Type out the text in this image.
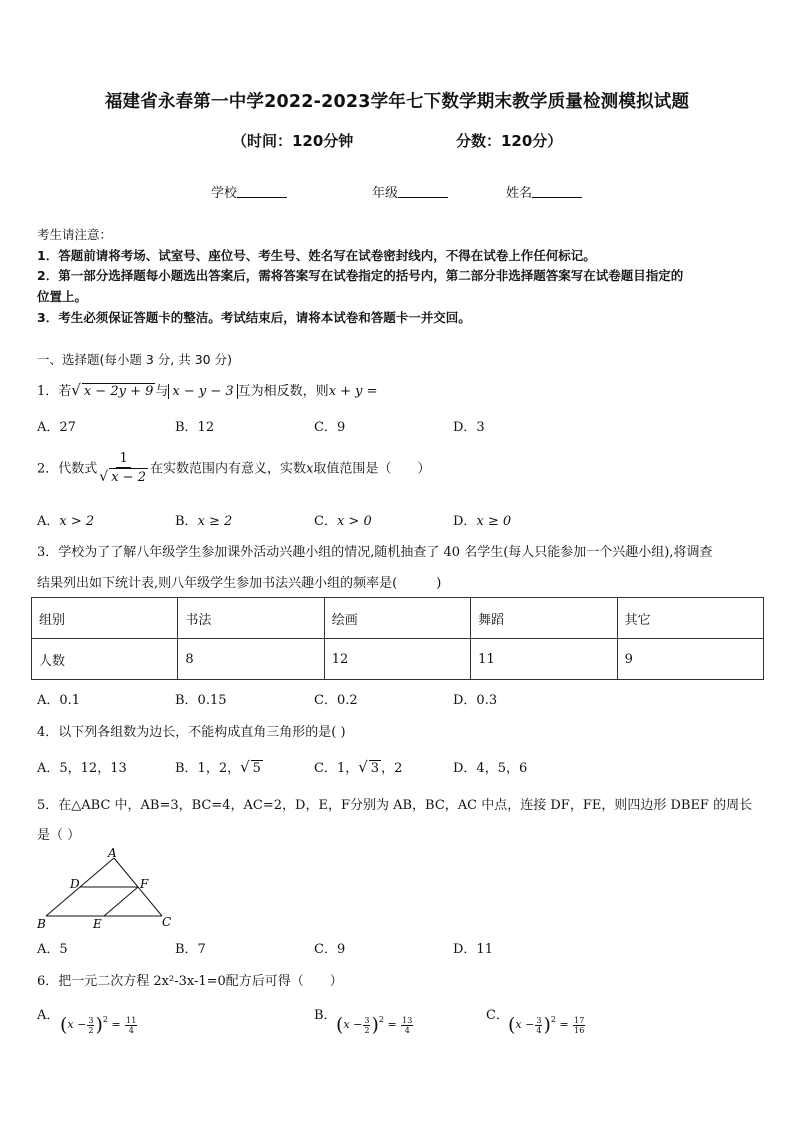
福建省永春第一中学2022-2023学年七下数学期末教学质量检测模拟试题
（时间：120分钟	分数：120分）
学校	年级	姓名
考生请注意：
1．答题前请将考场、试室号、座位号、考生号、姓名写在试卷密封线内，不得在试卷上作任何标记。
2．第一部分选择题每小题选出答案后，需将答案写在试卷指定的括号内，第二部分非选择题答案写在试卷题目指定的
位置上。
3．考生必须保证答题卡的整洁。考试结束后，请将本试卷和答题卡一并交回。
一、选择题(每小题 3 分, 共 30 分)
1．若√ x − 2y + 9 与 x − y − 3 互为相反数，则x + y =
A．27	B．12	C．9	D．3
2．代数式 $\frac{1}{√ x - 2}$ 在实数范围内有意义，实数x取值范围是（　　）
A．x > 2	B．x ≥ 2	C．x > 0	D．x ≥ 0
3．学校为了了解八年级学生参加课外活动兴趣小组的情况,随机抽查了 40 名学生(每人只能参加一个兴趣小组),将调查
结果列出如下统计表,则八年级学生参加书法兴趣小组的频率是(　　　)
组别	书法	绘画	舞蹈	其它
人数	8	12	11	9
A．0.1	B．0.15	C．0.2	D．0.3
4．以下列各组数为边长，不能构成直角三角形的是( )
A．5，12，13	B．1，2，√ 5	C．1，√ 3 ，2	D．4，5，6
5．在△ABC 中，AB=3，BC=4，AC=2，D，E，F分别为 AB，BC，AC 中点，连接 DF，FE，则四边形 DBEF 的周长
是（ ）
A
D	F
B	E	C
A．5	B．7	C．9	D．11
6．把一元二次方程 2x²-3x-1=0配方后可得（　　）
A． $(x - \frac{3}{2} )^2 = \frac{11}{4}$	B． $(x - \frac{3}{2} )^2 = \frac{13}{4}$	C． $(x - \frac{3}{4} )^2 = \frac{17}{16}$
